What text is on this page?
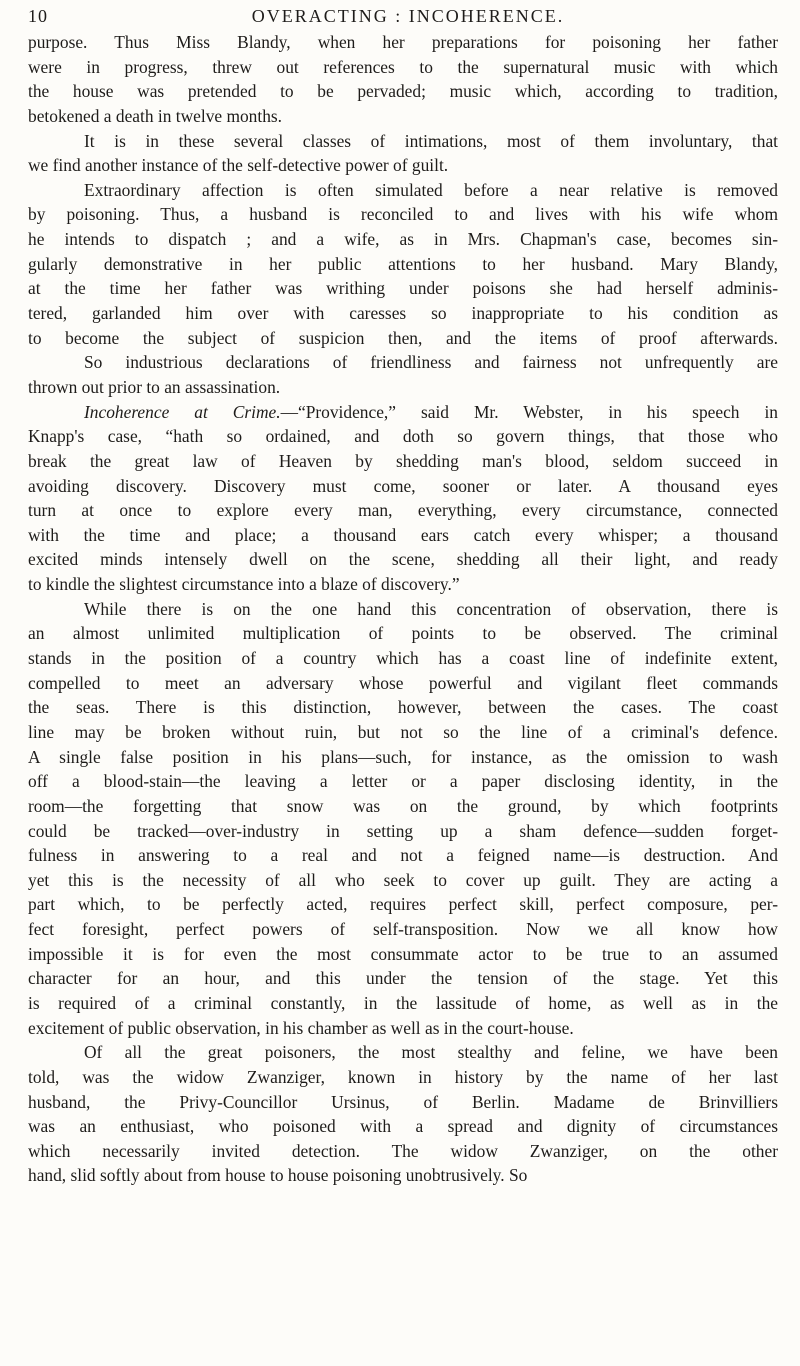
10	OVERACTING : INCOHERENCE.
purpose. Thus Miss Blandy, when her preparations for poisoning her father
were in progress, threw out references to the supernatural music with which
the house was pretended to be pervaded; music which, according to tradition,
betokened a death in twelve months.
It is in these several classes of intimations, most of them involuntary, that
we find another instance of the self-detective power of guilt.
Extraordinary affection is often simulated before a near relative is removed
by poisoning. Thus, a husband is reconciled to and lives with his wife whom
he intends to dispatch ; and a wife, as in Mrs. Chapman's case, becomes sin-
gularly demonstrative in her public attentions to her husband. Mary Blandy,
at the time her father was writhing under poisons she had herself adminis-
tered, garlanded him over with caresses so inappropriate to his condition as
to become the subject of suspicion then, and the items of proof afterwards.
So industrious declarations of friendliness and fairness not unfrequently are
thrown out prior to an assassination.
Incoherence at Crime.—“Providence,” said Mr. Webster, in his speech in
Knapp's case, “hath so ordained, and doth so govern things, that those who
break the great law of Heaven by shedding man's blood, seldom succeed in
avoiding discovery. Discovery must come, sooner or later. A thousand eyes
turn at once to explore every man, everything, every circumstance, connected
with the time and place; a thousand ears catch every whisper; a thousand
excited minds intensely dwell on the scene, shedding all their light, and ready
to kindle the slightest circumstance into a blaze of discovery.”
While there is on the one hand this concentration of observation, there is
an almost unlimited multiplication of points to be observed. The criminal
stands in the position of a country which has a coast line of indefinite extent,
compelled to meet an adversary whose powerful and vigilant fleet commands
the seas. There is this distinction, however, between the cases. The coast
line may be broken without ruin, but not so the line of a criminal's defence.
A single false position in his plans—such, for instance, as the omission to wash
off a blood-stain—the leaving a letter or a paper disclosing identity, in the
room—the forgetting that snow was on the ground, by which footprints
could be tracked—over-industry in setting up a sham defence—sudden forget-
fulness in answering to a real and not a feigned name—is destruction. And
yet this is the necessity of all who seek to cover up guilt. They are acting a
part which, to be perfectly acted, requires perfect skill, perfect composure, per-
fect foresight, perfect powers of self-transposition. Now we all know how
impossible it is for even the most consummate actor to be true to an assumed
character for an hour, and this under the tension of the stage. Yet this
is required of a criminal constantly, in the lassitude of home, as well as in the
excitement of public observation, in his chamber as well as in the court-house.
Of all the great poisoners, the most stealthy and feline, we have been
told, was the widow Zwanziger, known in history by the name of her last
husband, the Privy-Councillor Ursinus, of Berlin. Madame de Brinvilliers
was an enthusiast, who poisoned with a spread and dignity of circumstances
which necessarily invited detection. The widow Zwanziger, on the other
hand, slid softly about from house to house poisoning unobtrusively. So
